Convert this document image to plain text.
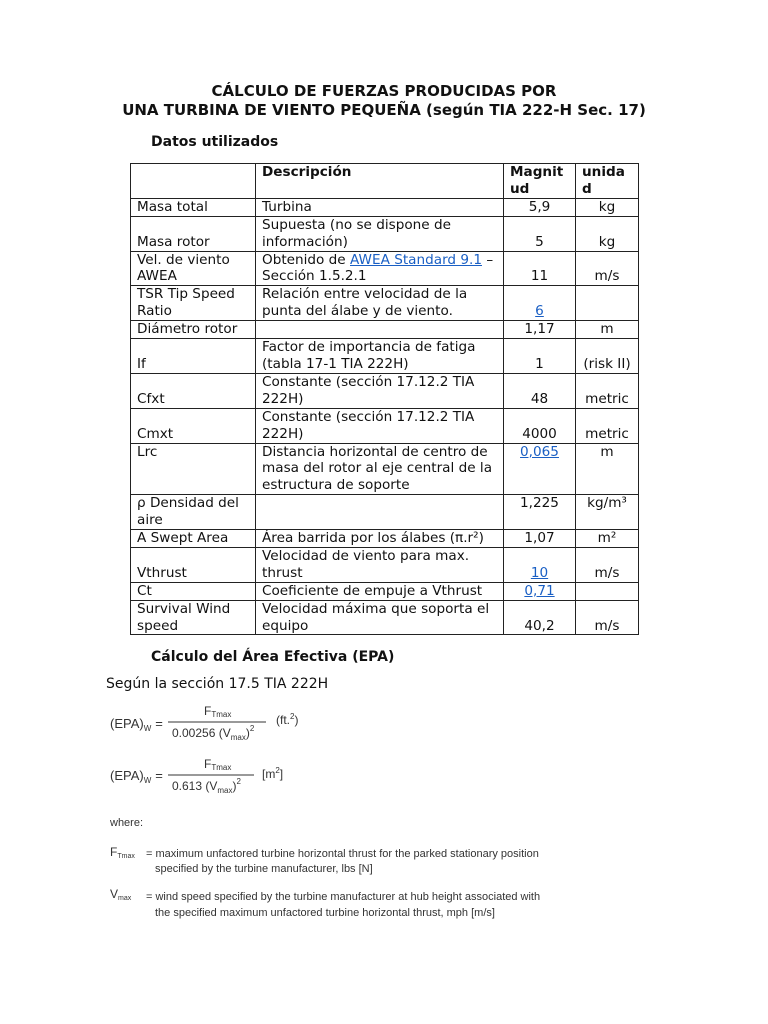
CÁLCULO DE FUERZAS PRODUCIDAS POR
UNA TURBINA DE VIENTO PEQUEÑA (según TIA 222-H Sec. 17)
Datos utilizados
	Descripción	Magnitud	unidad
Masa total	Turbina	5,9	kg
Masa rotor	Supuesta (no se dispone de información)	5	kg
Vel. de viento AWEA	Obtenido de AWEA Standard 9.1 – Sección 1.5.2.1	11	m/s
TSR Tip Speed Ratio	Relación entre velocidad de la punta del álabe y de viento.	6	
Diámetro rotor		1,17	m
If	Factor de importancia de fatiga (tabla 17-1 TIA 222H)	1	(risk II)
Cfxt	Constante (sección 17.12.2 TIA 222H)	48	metric
Cmxt	Constante (sección 17.12.2 TIA 222H)	4000	metric
Lrc	Distancia horizontal de centro de masa del rotor al eje central de la estructura de soporte	0,065	m
ρ Densidad del aire		1,225	kg/m³
A Swept Area	Área barrida por los álabes (π.r²)	1,07	m²
Vthrust	Velocidad de viento para max. thrust	10	m/s
Ct	Coeficiente de empuje a Vthrust	0,71	
Survival Wind speed	Velocidad máxima que soporta el equipo	40,2	m/s
Cálculo del Área Efectiva (EPA)
Según la sección 17.5 TIA 222H
$(EPA)_W$ =
FTmax
0.00256 $(V_{max})^2$
(ft.$^2$)
$(EPA)_W$ =
FTmax
0.613 $(V_{max})^2$
$[m^2]$
where:
FTmax = maximum unfactored turbine horizontal thrust for the parked stationary position
specified by the turbine manufacturer, lbs [N]
Vmax = wind speed specified by the turbine manufacturer at hub height associated with
the specified maximum unfactored turbine horizontal thrust, mph [m/s]
